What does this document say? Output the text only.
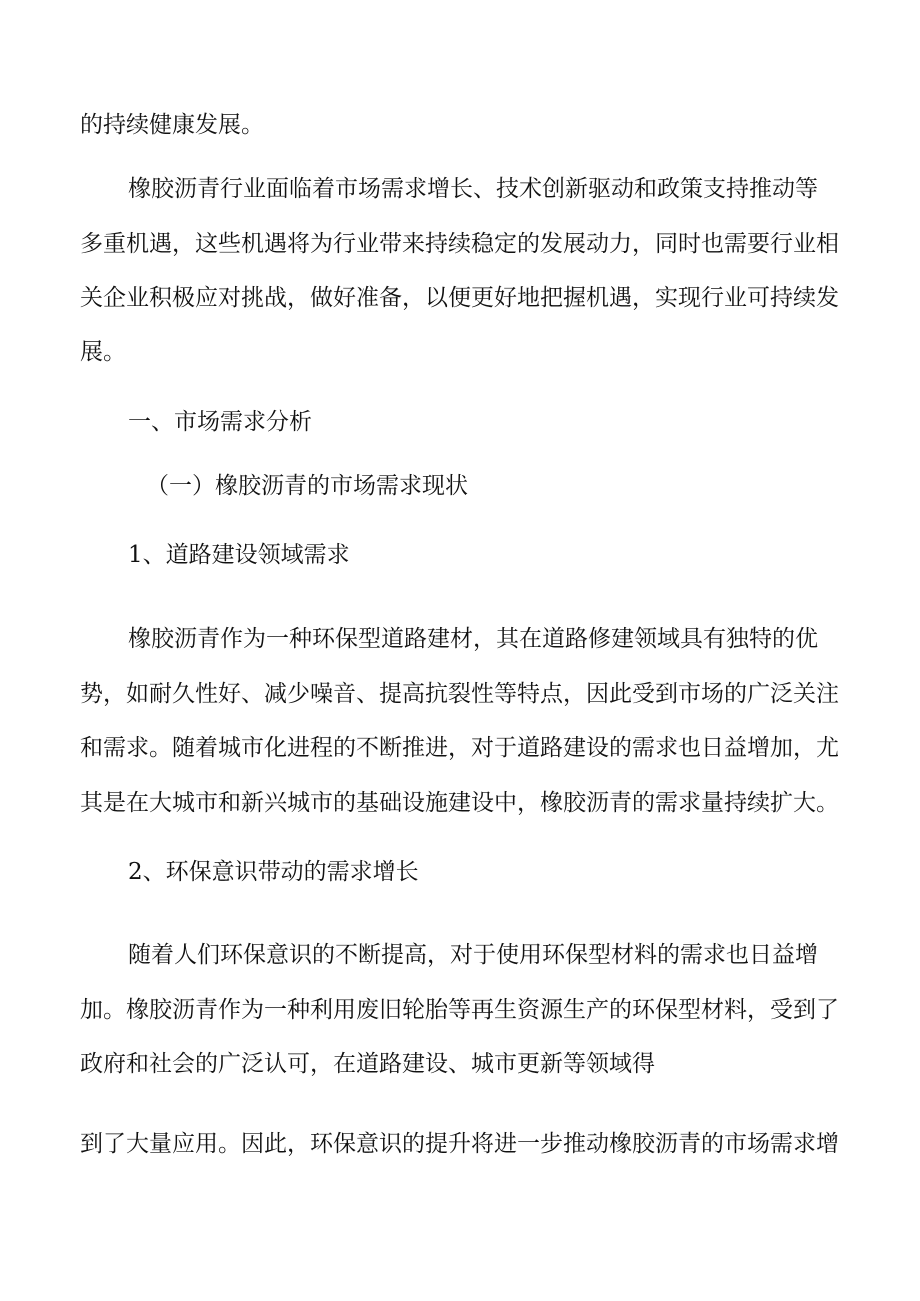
的持续健康发展。
橡胶沥青行业面临着市场需求增长、技术创新驱动和政策支持推动等
多重机遇，这些机遇将为行业带来持续稳定的发展动力，同时也需要行业相
关企业积极应对挑战，做好准备，以便更好地把握机遇，实现行业可持续发
展。
一、市场需求分析
（一）橡胶沥青的市场需求现状
1、道路建设领域需求
橡胶沥青作为一种环保型道路建材，其在道路修建领域具有独特的优
势，如耐久性好、减少噪音、提高抗裂性等特点，因此受到市场的广泛关注
和需求。随着城市化进程的不断推进，对于道路建设的需求也日益增加，尤
其是在大城市和新兴城市的基础设施建设中，橡胶沥青的需求量持续扩大。
2、环保意识带动的需求增长
随着人们环保意识的不断提高，对于使用环保型材料的需求也日益增
加。橡胶沥青作为一种利用废旧轮胎等再生资源生产的环保型材料，受到了
政府和社会的广泛认可，在道路建设、城市更新等领域得
到了大量应用。因此，环保意识的提升将进一步推动橡胶沥青的市场需求增
